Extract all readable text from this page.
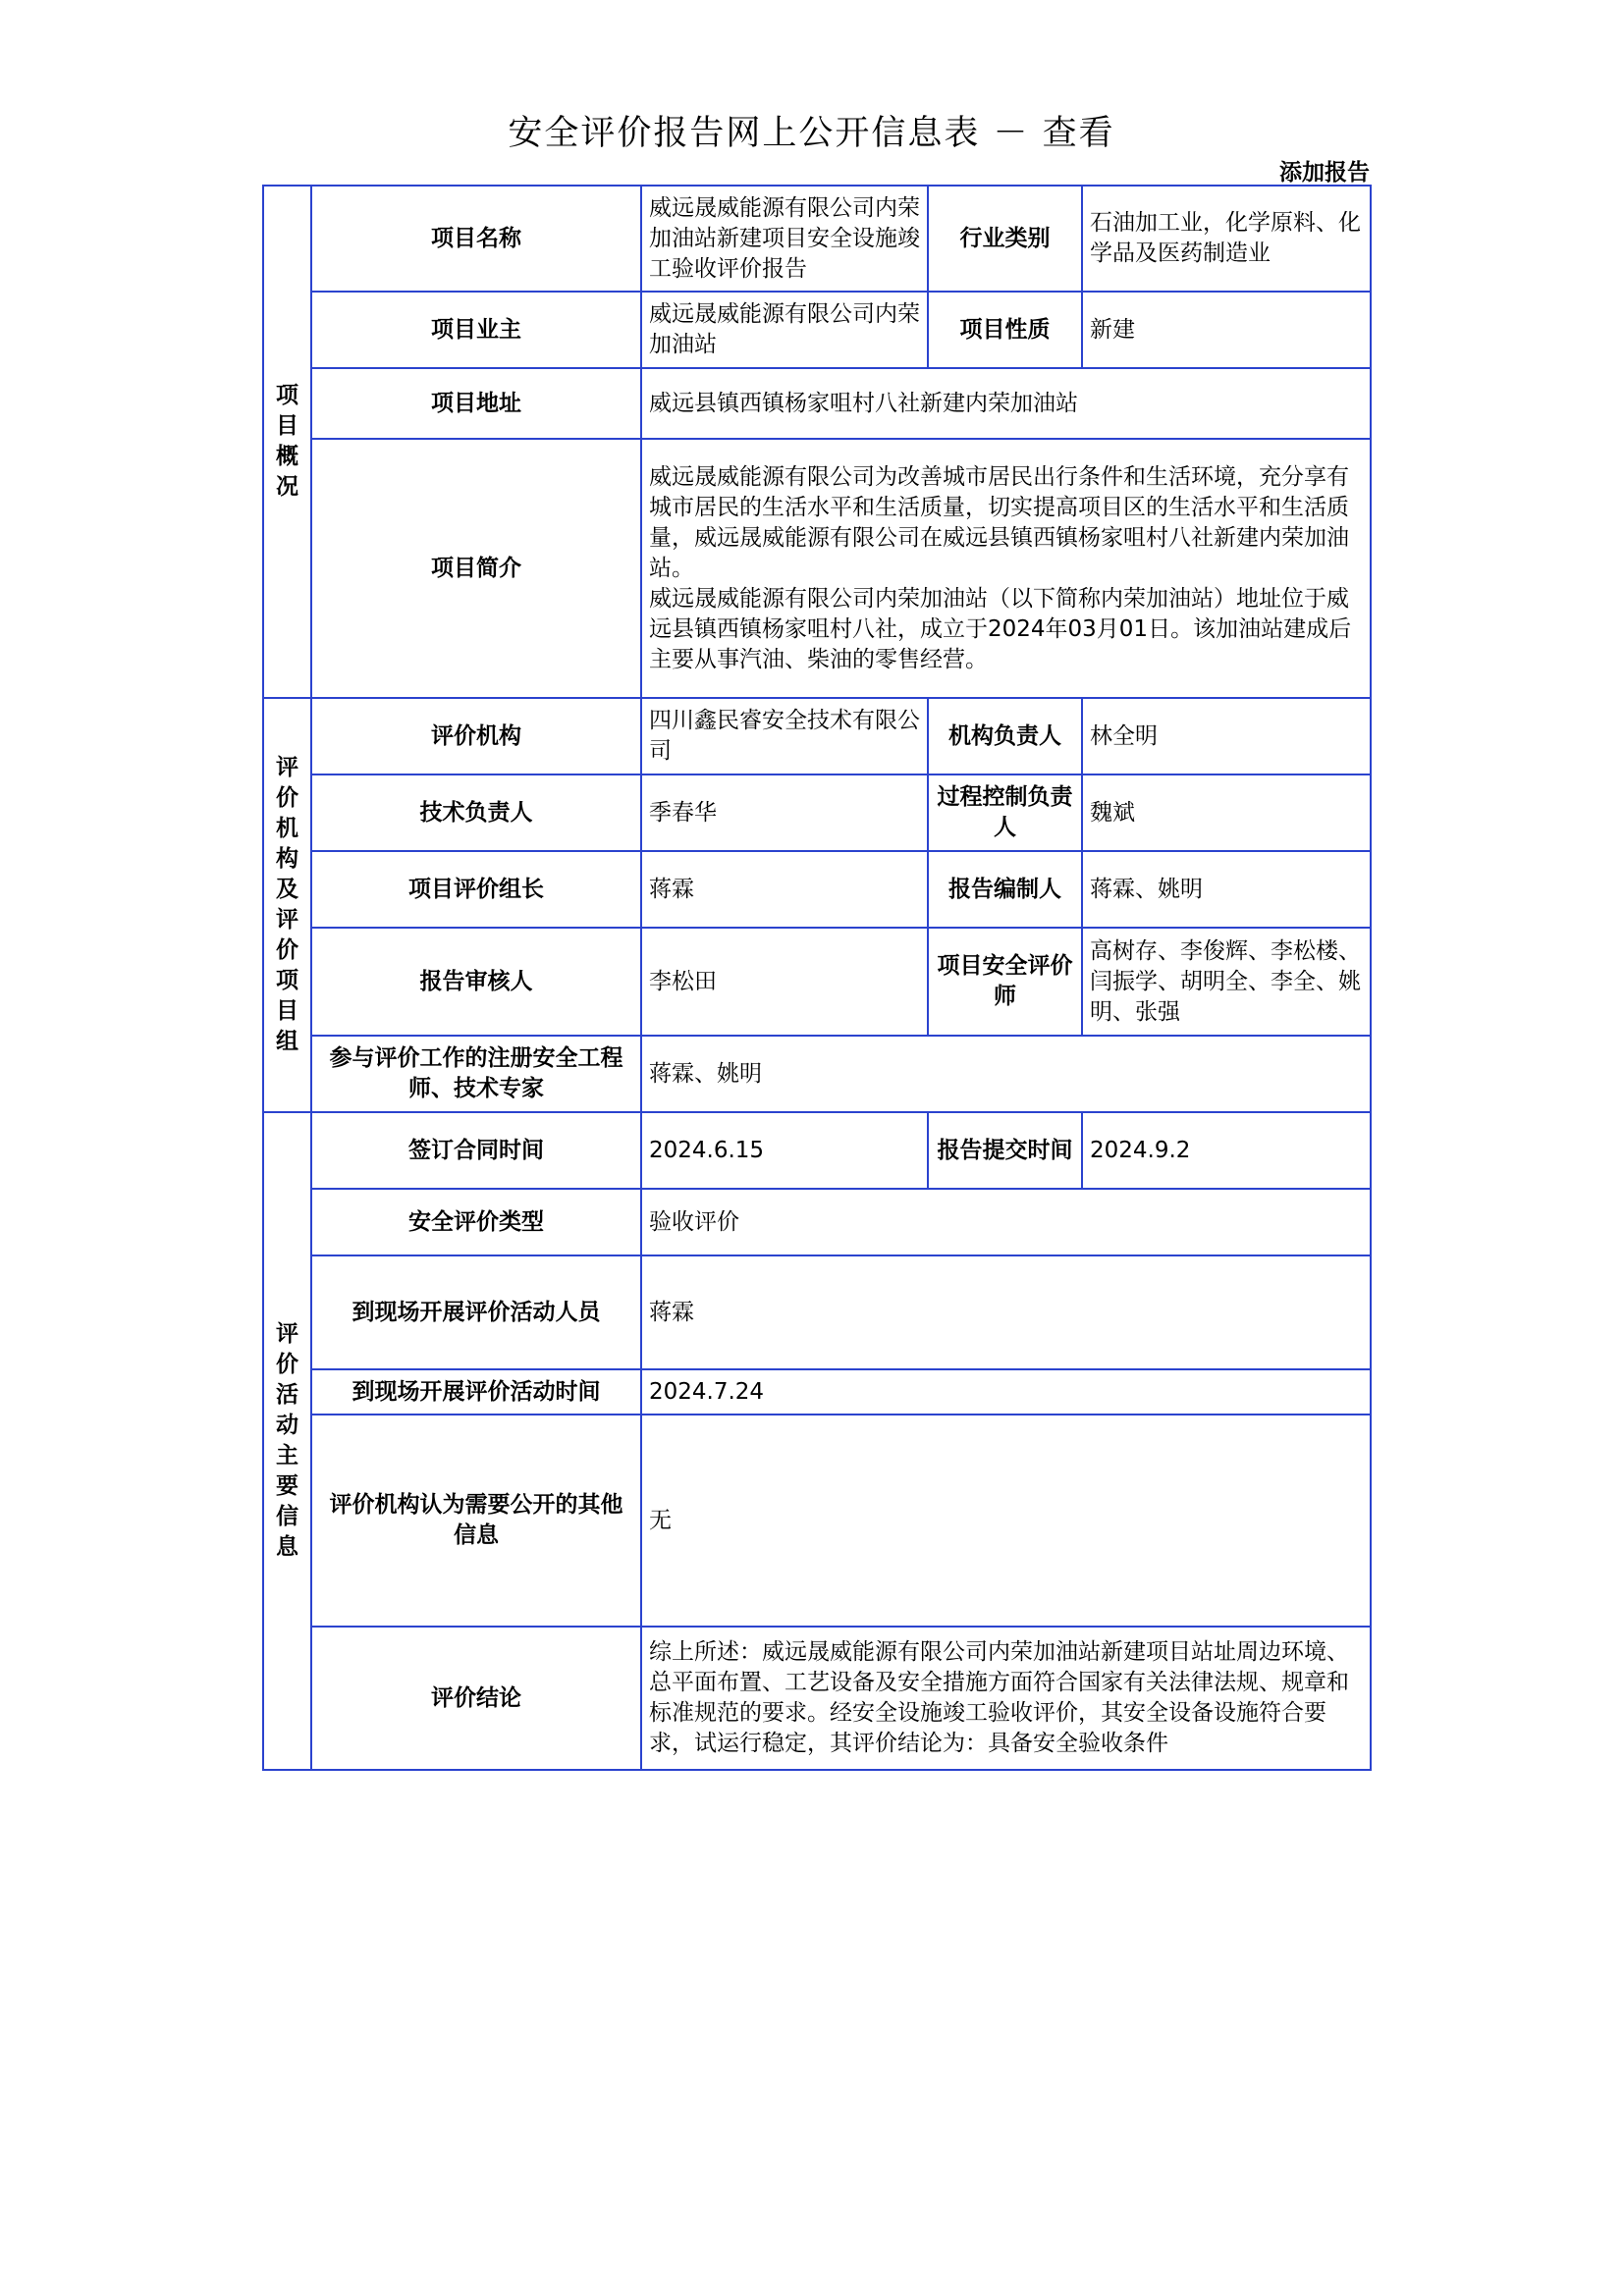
安全评价报告网上公开信息表 － 查看
添加报告
项目概况	项目名称	威远晟威能源有限公司内荣加油站新建项目安全设施竣工验收评价报告	行业类别	石油加工业，化学原料、化学品及医药制造业
	项目业主	威远晟威能源有限公司内荣加油站	项目性质	新建
	项目地址	威远县镇西镇杨家咀村八社新建内荣加油站		
	项目简介	威远晟威能源有限公司为改善城市居民出行条件和生活环境，充分享有城市居民的生活水平和生活质量，切实提高项目区的生活水平和生活质量，威远晟威能源有限公司在威远县镇西镇杨家咀村八社新建内荣加油站。
威远晟威能源有限公司内荣加油站（以下简称内荣加油站）地址位于威远县镇西镇杨家咀村八社，成立于2024年03月01日。该加油站建成后主要从事汽油、柴油的零售经营。		

评价机构及评价项目组	评价机构	四川鑫民睿安全技术有限公司	机构负责人	林全明
	技术负责人	季春华	过程控制负责人	魏斌
	项目评价组长	蒋霖	报告编制人	蒋霖、姚明
	报告审核人	李松田	项目安全评价师	高树存、李俊辉、李松楼、闫振学、胡明全、李全、姚明、张强
	参与评价工作的注册安全工程师、技术专家	蒋霖、姚明		
评价活动主要信息	签订合同时间	2024.6.15	报告提交时间	2024.9.2
	安全评价类型	验收评价		
	到现场开展评价活动人员	蒋霖		
	到现场开展评价活动时间	2024.7.24		
	评价机构认为需要公开的其他信息	无		
	评价结论	综上所述：威远晟威能源有限公司内荣加油站新建项目站址周边环境、总平面布置、工艺设备及安全措施方面符合国家有关法律法规、规章和标准规范的要求。经安全设施竣工验收评价，其安全设备设施符合要求，试运行稳定，其评价结论为：具备安全验收条件		
